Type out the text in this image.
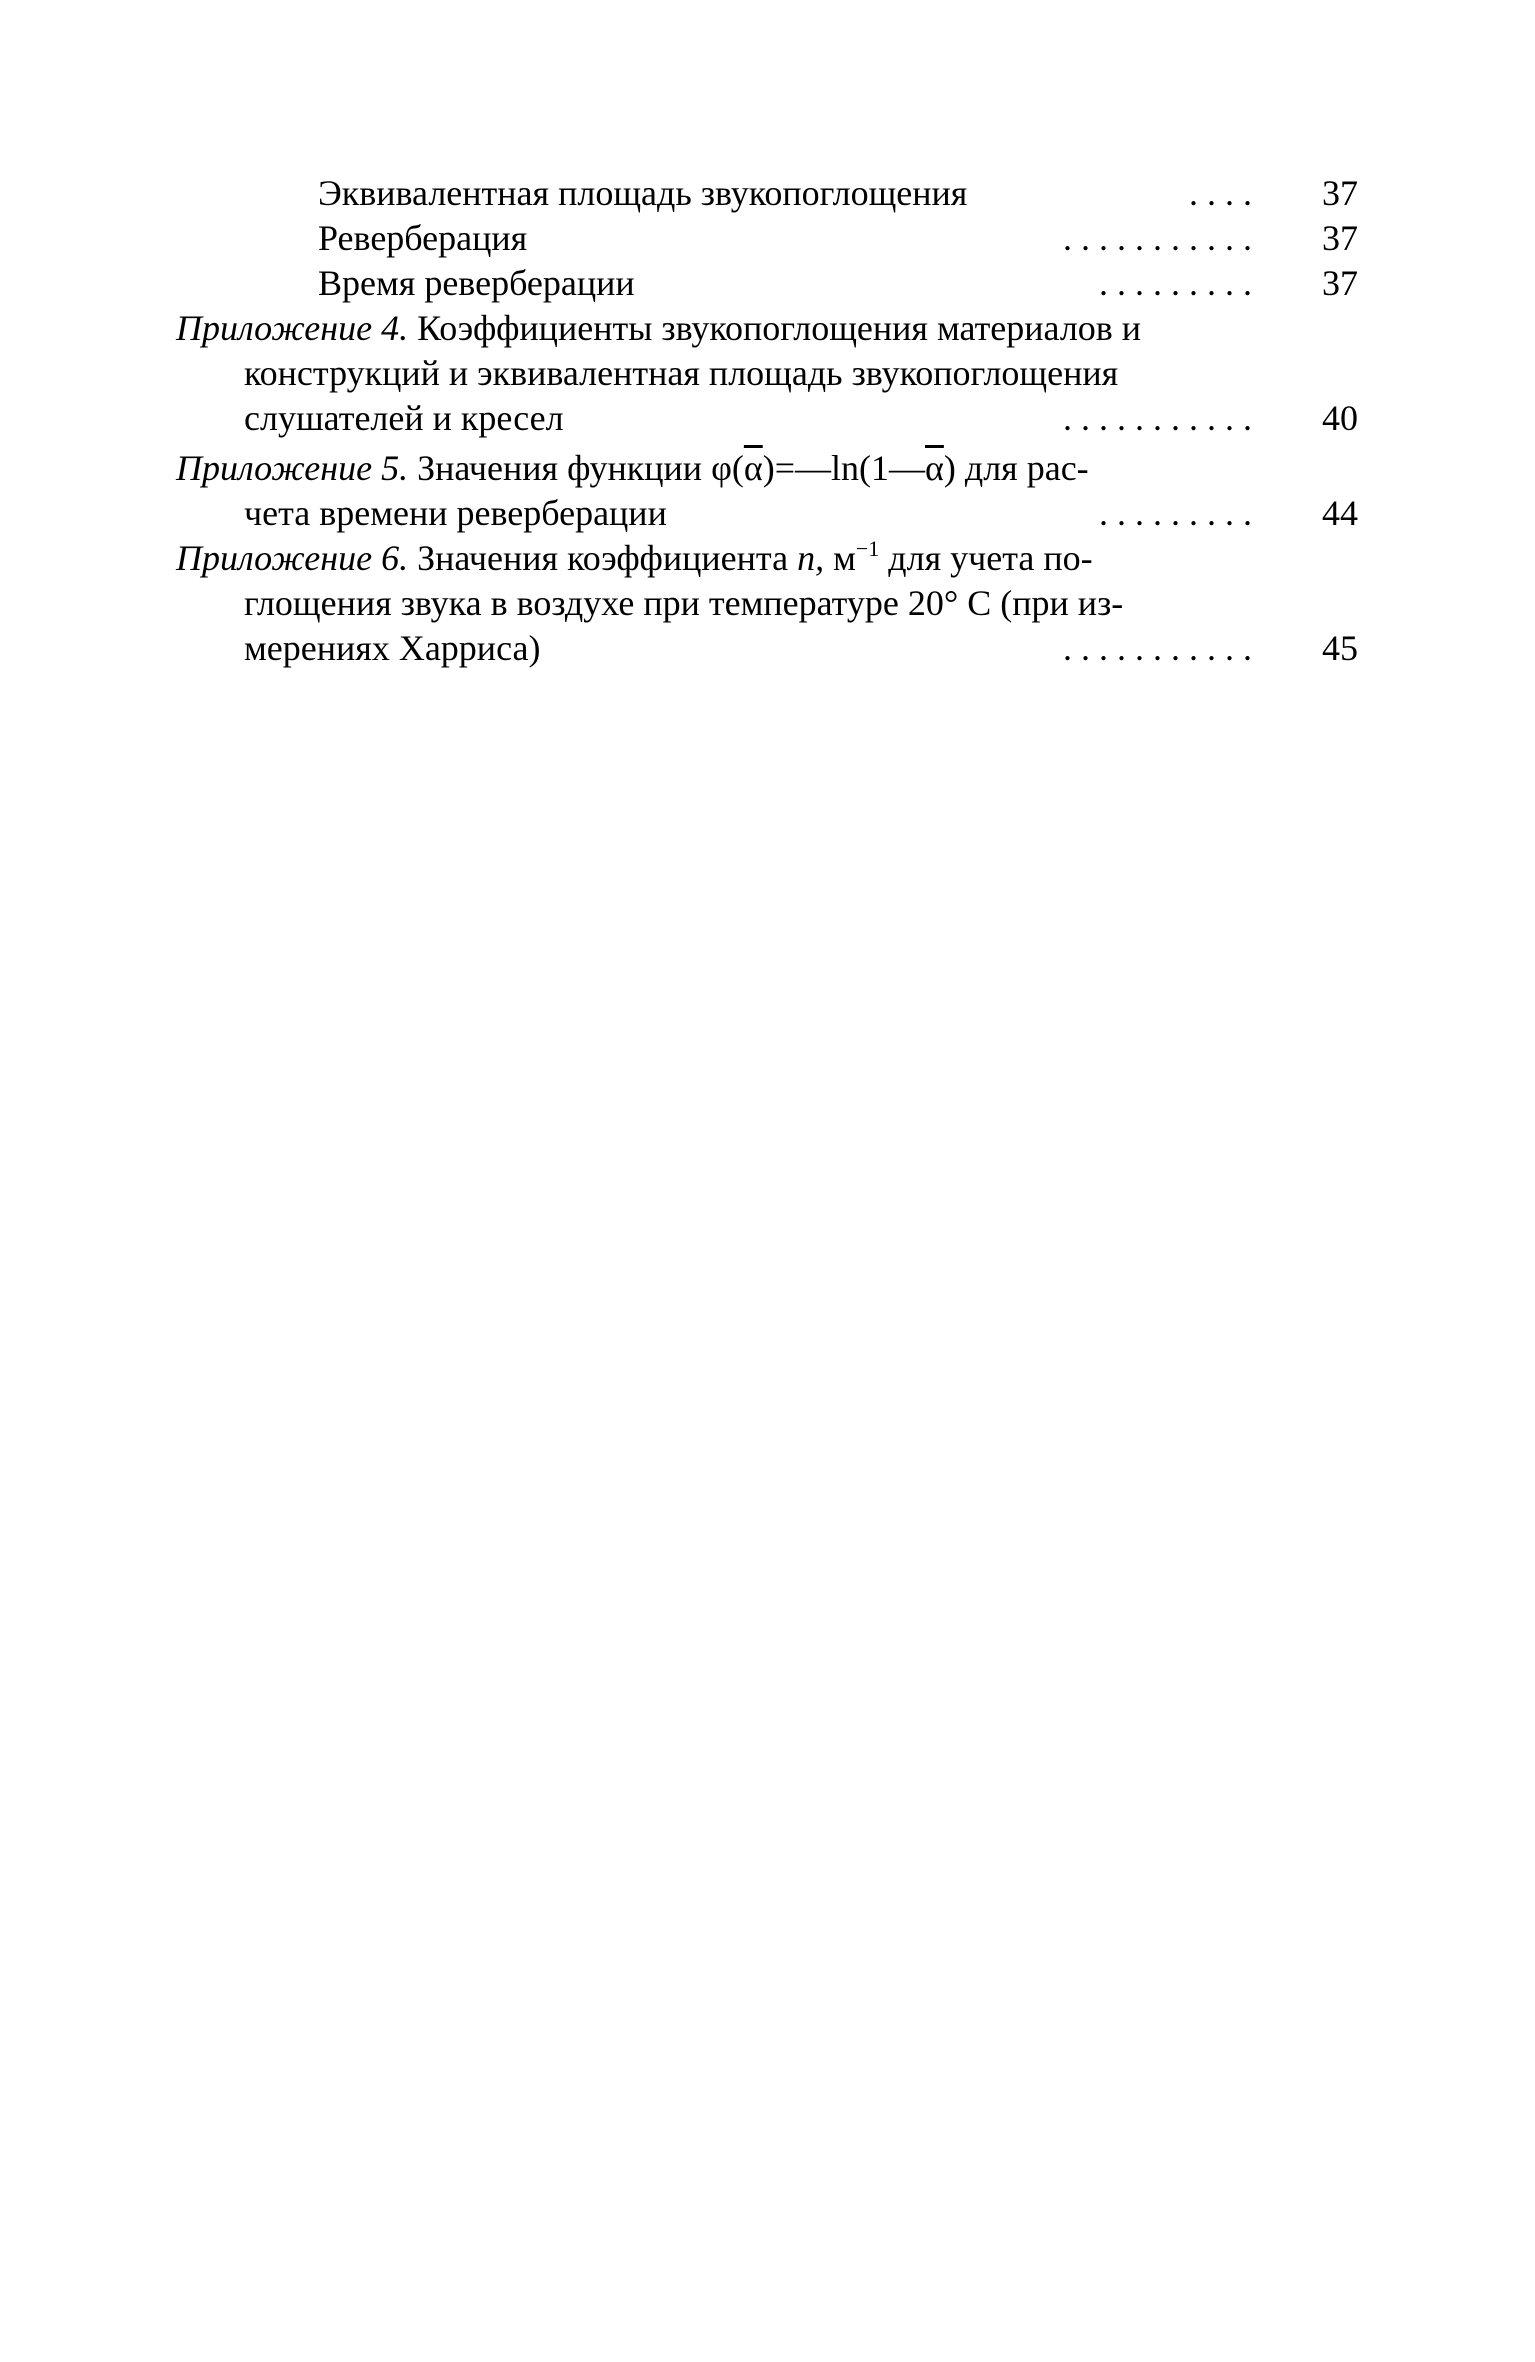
Эквивалентная площадь звукопоглощения	. . . . 37
Реверберация	. . . . . . . . . . . 37
Время реверберации	. . . . . . . . . 37
Приложение 4. Коэффициенты звукопоглощения материалов и
конструкций и эквивалентная площадь звукопоглощения
слушателей и кресел	. . . . . . . . . . . 40
Приложение 5. Значения функции $\varphi(\overline{\alpha})=—\ln(1—\overline{\alpha})$ для рас-
чета времени реверберации	. . . . . . . . . 44
Приложение 6. Значения коэффициента n, $м^{-1}$ для учета по-
глощения звука в воздухе при температуре 20° С (при из-
мерениях Харриса)	. . . . . . . . . . . 45
